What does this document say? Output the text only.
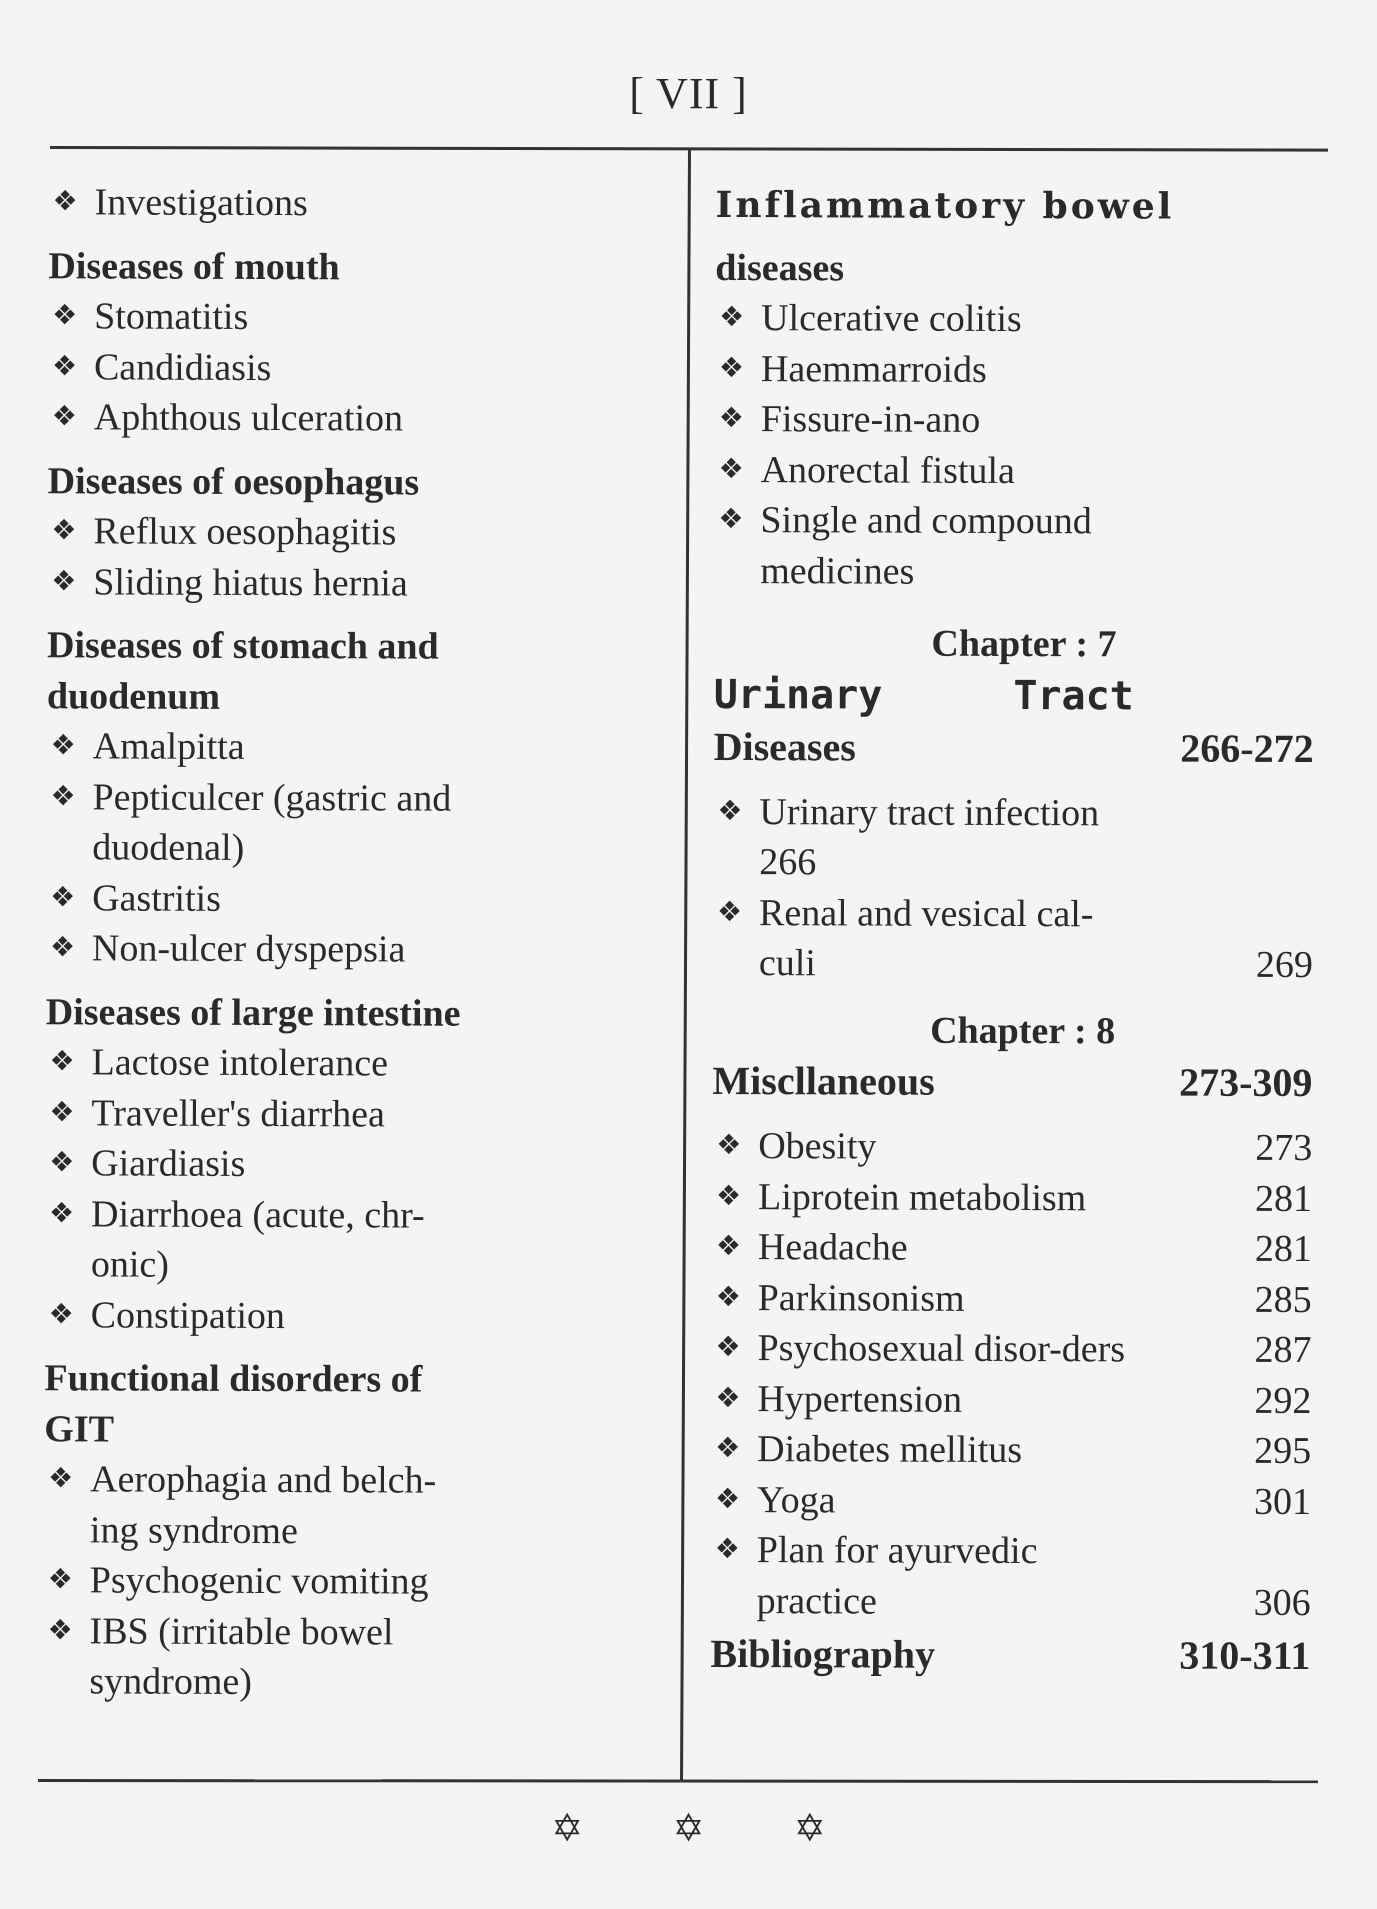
[ VII ]
❖ Investigations
Diseases of mouth
❖ Stomatitis
❖ Candidiasis
❖ Aphthous ulceration
Diseases of oesophagus
❖ Reflux oesophagitis
❖ Sliding hiatus hernia
Diseases of stomach and duodenum
❖ Amalpitta
❖ Pepticulcer (gastric and duodenal)
❖ Gastritis
❖ Non-ulcer dyspepsia
Diseases of large intestine
❖ Lactose intolerance
❖ Traveller's diarrhea
❖ Giardiasis
❖ Diarrhoea (acute, chr-onic)
❖ Constipation
Functional disorders of GIT
❖ Aerophagia and belch-ing syndrome
❖ Psychogenic vomiting
❖ IBS (irritable bowel syndrome)
Inflammatory bowel
diseases
❖ Ulcerative colitis
❖ Haemmarroids
❖ Fissure-in-ano
❖ Anorectal fistula
❖ Single and compound medicines
Chapter : 7
Urinary Tract
Diseases	266-272
❖ Urinary tract infection
266
❖ Renal and vesical cal-culi	269
Chapter : 8
Miscllaneous	273-309
❖ Obesity	273
❖ Liprotein metabolism	281
❖ Headache	281
❖ Parkinsonism	285
❖ Psychosexual disor-ders	287
❖ Hypertension	292
❖ Diabetes mellitus	295
❖ Yoga	301
❖ Plan for ayurvedic practice	306
Bibliography	310-311
✡ ✡ ✡
